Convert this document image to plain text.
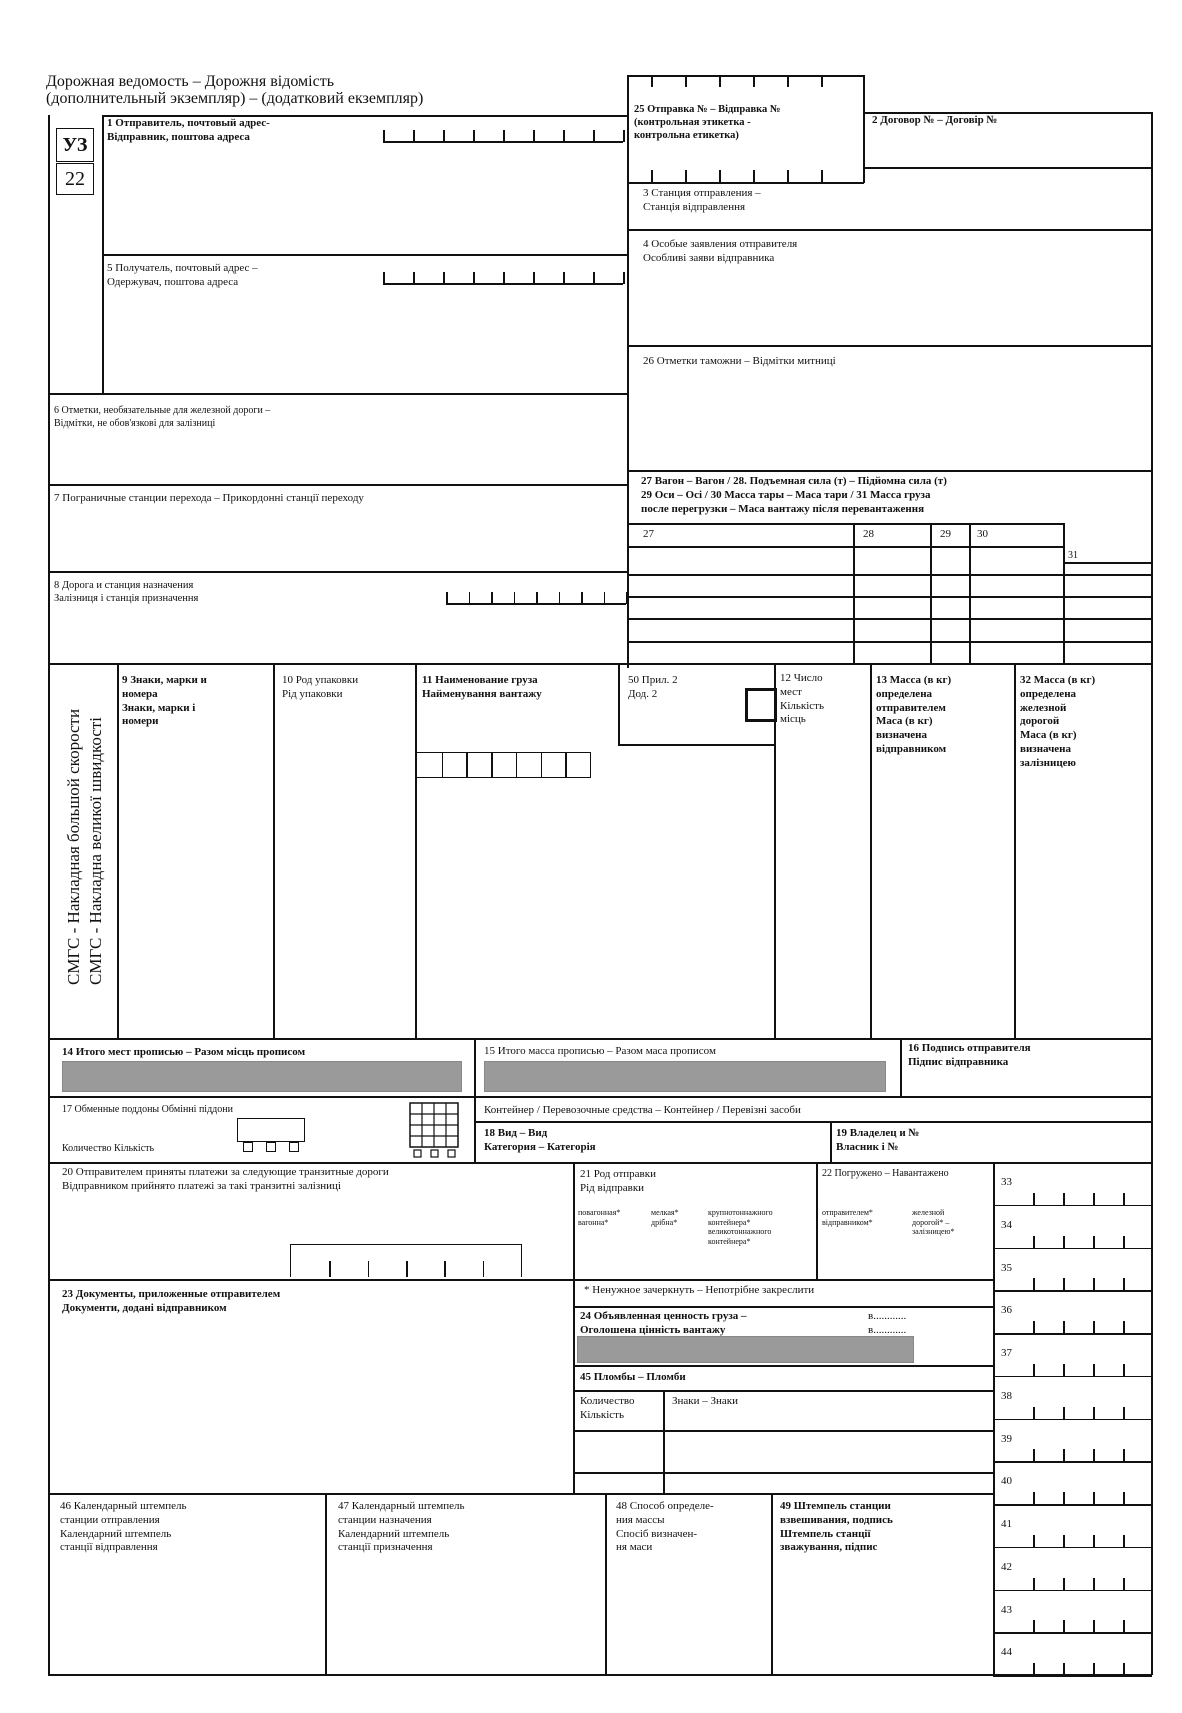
Дорожная ведомость – Дорожня відомість
(дополнительный экземпляр) – (додатковий екземпляр)
УЗ
22
1 Отправитель, почтовый адрес-
Відправник, поштова адреса
25 Отправка № – Відправка №
(контрольная этикетка -
контрольна етикетка)
2 Договор № – Договір №
3 Станция отправления –
Станція відправлення
4 Особые заявления отправителя
Особливі заяви відправника
26 Отметки таможни – Відмітки митниці
5 Получатель, почтовый адрес –
Одержувач, поштова адреса
6 Отметки, необязательные для железной дороги –
Відмітки, не обов'язкові для залізниці
7 Пограничные станции перехода – Прикордонні станції переходу
27 Вагон – Вагон / 28. Подъемная сила (т) – Підйомна сила (т)
29 Оси – Осі / 30 Масса тары – Маса тари / 31 Масса груза
после перегрузки – Маса вантажу після перевантаження
27	28	29 30
31
8 Дорога и станция назначения
Залізниця і станція призначення
СМГС - Накладная большой скорости СМГС - Накладна великої швидкості
9 Знаки, марки и
номера
Знаки, марки і
номери
10 Род упаковки
Рід упаковки
11 Наименование груза
Найменування вантажу
50 Прил. 2
Дод. 2
12 Число
мест
Кількість
місць
13 Масса (в кг)
определена
отправителем
Маса (в кг)
визначена
відправником
32 Масса (в кг)
определена
железной
дорогой
Маса (в кг)
визначена
залізницею
14 Итого мест прописью – Разом місць прописом	15 Итого масса прописью – Разом маса прописом	16 Подпись отправителя
Підпис відправника
17 Обменные поддоны Обмінні піддони
Количество Кількість
Контейнер / Перевозочные средства – Контейнер / Перевізні засоби
18 Вид – Вид
Категория – Категорія
19 Владелец и №
Власник і №
20 Отправителем приняты платежи за следующие транзитные дороги
Відправником прийнято платежі за такі транзитні залізниці
21 Род отправки
Рід відправки
повагонная*
вагонна*
мелкая*
дрібна*
крупнотоннажного
контейнера*
великотоннажного
контейнера*
22 Погружено – Навантажено
отправителем*
відправником*
железной
дорогой* –
залізницею*
* Ненужное зачеркнуть – Непотрібне закреслити
23 Документы, приложенные отправителем
Документи, додані відправником
24 Объявленная ценность груза –
Оголошена цінність вантажу
в............
в............
45 Пломбы – Пломби
Количество
Кількість
Знаки – Знаки
46 Календарный штемпель
станции отправления
Календарний штемпель
станції відправлення
47 Календарный штемпель
станции назначения
Календарний штемпель
станції призначення
48 Способ определе-
ния массы
Спосіб визначен-
ня маси
49 Штемпель станции
взвешивания, подпись
Штемпель станції
зважування, підпис
33
34
35
36
37
38
39
40
41
42
43
44
